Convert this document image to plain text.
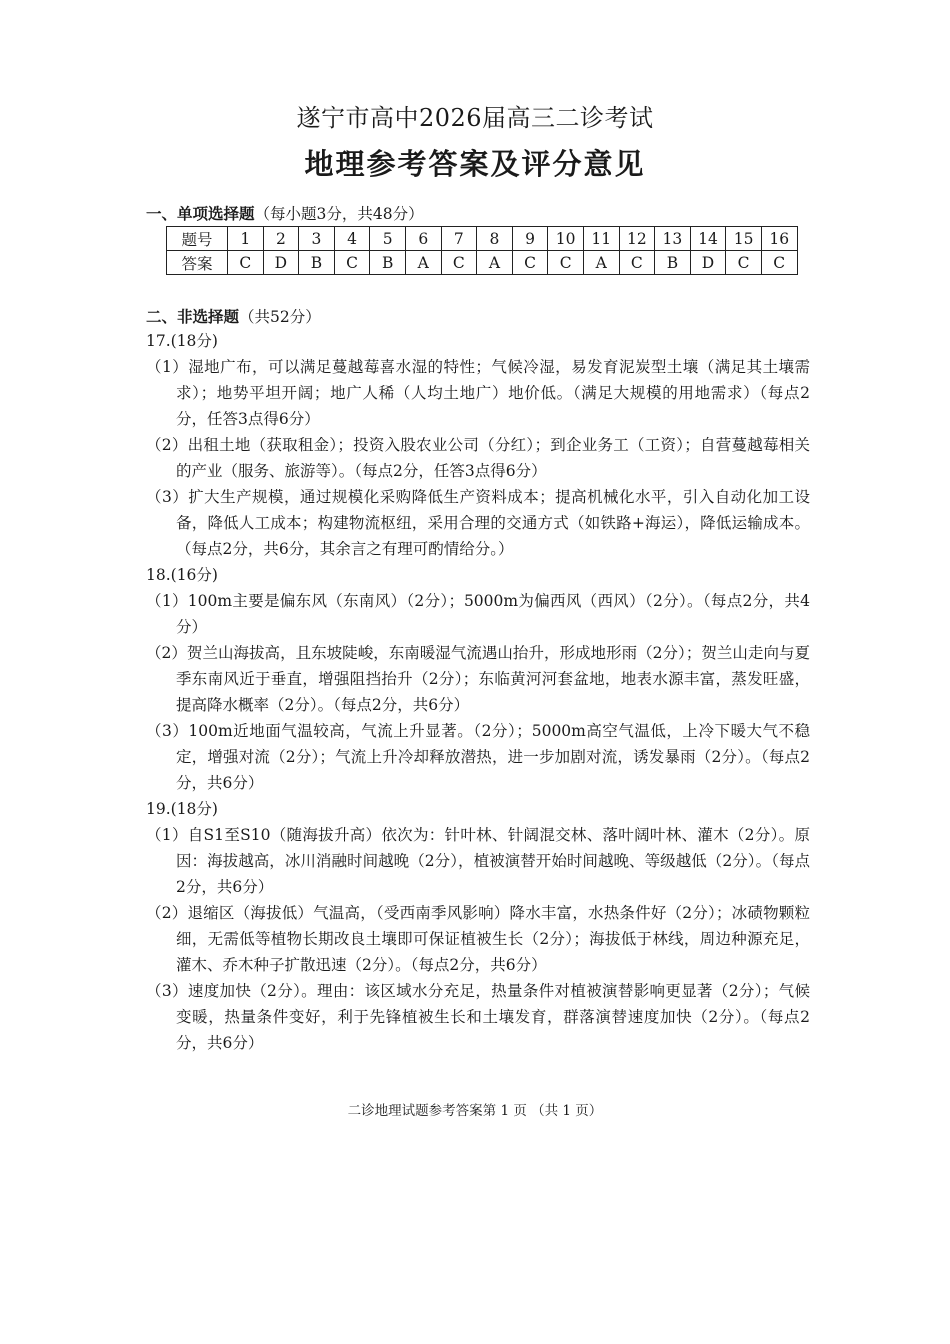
遂宁市高中2026届高三二诊考试
地理参考答案及评分意见
一、单项选择题（每小题3分，共48分）
题号	1	2	3	4	5	6	7	8	9	10	11	12	13	14	15	16
答案	C	D	B	C	B	A	C	A	C	C	A	C	B	D	C	C
二、非选择题（共52分）

17.(18分)

（1）湿地广布，可以满足蔓越莓喜水湿的特性；气候冷湿，易发育泥炭型土壤（满足其土壤需求）；地势平坦开阔；地广人稀（人均土地广）地价低。（满足大规模的用地需求）（每点2分，任答3点得6分）

（2）出租土地（获取租金）；投资入股农业公司（分红）；到企业务工（工资）；自营蔓越莓相关的产业（服务、旅游等）。（每点2分，任答3点得6分）

（3）扩大生产规模，通过规模化采购降低生产资料成本；提高机械化水平，引入自动化加工设备，降低人工成本；构建物流枢纽，采用合理的交通方式（如铁路+海运），降低运输成本。（每点2分，共6分，其余言之有理可酌情给分。）

18.(16分)

（1）100m主要是偏东风（东南风）（2分）；5000m为偏西风（西风）（2分）。（每点2分，共4分）

（2）贺兰山海拔高，且东坡陡峻，东南暖湿气流遇山抬升，形成地形雨（2分）；贺兰山走向与夏季东南风近于垂直，增强阻挡抬升（2分）；东临黄河河套盆地，地表水源丰富，蒸发旺盛，提高降水概率（2分）。（每点2分，共6分）

（3）100m近地面气温较高，气流上升显著。（2分）；5000m高空气温低，上冷下暖大气不稳定，增强对流（2分）；气流上升冷却释放潜热，进一步加剧对流，诱发暴雨（2分）。（每点2分，共6分）

19.(18分)

（1）自S1至S10（随海拔升高）依次为：针叶林、针阔混交林、落叶阔叶林、灌木（2分）。原因：海拔越高，冰川消融时间越晚（2分），植被演替开始时间越晚、等级越低（2分）。（每点2分，共6分）

（2）退缩区（海拔低）气温高，（受西南季风影响）降水丰富，水热条件好（2分）；冰碛物颗粒细，无需低等植物长期改良土壤即可保证植被生长（2分）；海拔低于林线，周边种源充足，灌木、乔木种子扩散迅速（2分）。（每点2分，共6分）

（3）速度加快（2分）。理由：该区域水分充足，热量条件对植被演替影响更显著（2分）；气候变暖，热量条件变好，利于先锋植被生长和土壤发育，群落演替速度加快（2分）。（每点2分，共6分）

二诊地理试题参考答案第 1 页 （共 1 页）
